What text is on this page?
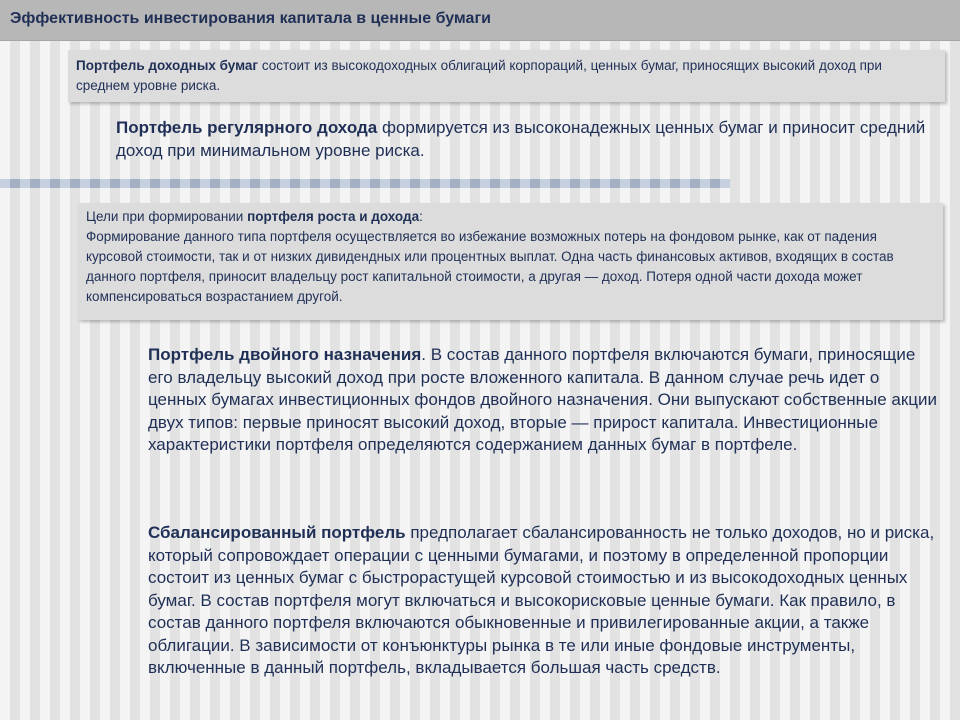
Эффективность инвестирования капитала в ценные бумаги
Портфель доходных бумаг состоит из высокодоходных облигаций корпораций, ценных бумаг, приносящих высокий доход при среднем уровне риска.
Портфель регулярного дохода формируется из высоконадежных ценных бумаг и приносит средний доход при минимальном уровне риска.

Цели при формировании портфеля роста и дохода:

Формирование данного типа портфеля осуществляется во избежание возможных потерь на фондовом рынке, как от падения курсовой стоимости, так и от низких дивидендных или процентных выплат. Одна часть финансовых активов, входящих в состав данного портфеля, приносит владельцу рост капитальной стоимости, а другая — доход. Потеря одной части дохода может компенсироваться возрастанием другой.

Портфель двойного назначения. В состав данного портфеля включаются бумаги, приносящие его владельцу высокий доход при росте вложенного капитала. В данном случае речь идет о ценных бумагах инвестиционных фондов двойного назначения. Они выпускают собственные акции двух типов: первые приносят высокий доход, вторые — прирост капитала. Инвестиционные характеристики портфеля определяются содержанием данных бумаг в портфеле.
Сбалансированный портфель предполагает сбалансированность не только доходов, но и риска, который сопровождает операции с ценными бумагами, и поэтому в определенной пропорции состоит из ценных бумаг с быстрорастущей курсовой стоимостью и из высокодоходных ценных бумаг. В состав портфеля могут включаться и высокорисковые ценные бумаги. Как правило, в состав данного портфеля включаются обыкновенные и привилегированные акции, а также облигации. В зависимости от конъюнктуры рынка в те или иные фондовые инструменты, включенные в данный портфель, вкладывается большая часть средств.
